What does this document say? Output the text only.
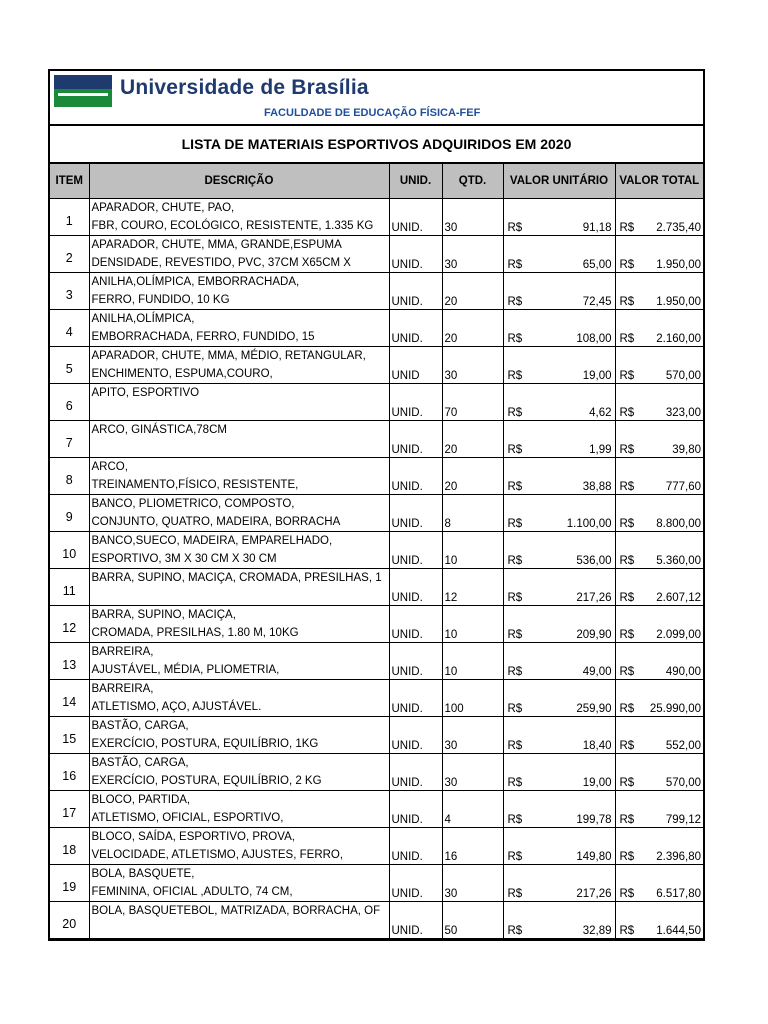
Universidade de Brasília
FACULDADE DE EDUCAÇÃO FÍSICA-FEF
LISTA DE MATERIAIS ESPORTIVOS ADQUIRIDOS EM 2020
ITEM	DESCRIÇÃO	UNID.	QTD.	VALOR UNITÁRIO	VALOR TOTAL
1	APARADOR, CHUTE, PAO,
FBR, COURO, ECOLÓGICO, RESISTENTE, 1.335 KG	UNID.	30	R$ 91,18	R$ 2.735,40

2	APARADOR, CHUTE, MMA, GRANDE,ESPUMA
DENSIDADE, REVESTIDO, PVC, 37CM X65CM X	UNID.	30	R$ 65,00	R$ 1.950,00

3	ANILHA,OLÍMPICA, EMBORRACHADA,
FERRO, FUNDIDO, 10 KG	UNID.	20	R$ 72,45	R$ 1.950,00

4	ANILHA,OLÍMPICA,
EMBORRACHADA, FERRO, FUNDIDO, 15	UNID.	20	R$ 108,00	R$ 2.160,00

5	APARADOR, CHUTE, MMA, MÉDIO, RETANGULAR,
ENCHIMENTO, ESPUMA,COURO,	UNID	30	R$ 19,00	R$ 570,00

6	APITO, ESPORTIVO	UNID.	70	R$ 4,62	R$ 323,00

7	ARCO, GINÁSTICA,78CM	UNID.	20	R$ 1,99	R$ 39,80

8	ARCO,
TREINAMENTO,FÍSICO, RESISTENTE,	UNID.	20	R$ 38,88	R$ 777,60

9	BANCO, PLIOMETRICO, COMPOSTO,
CONJUNTO, QUATRO, MADEIRA, BORRACHA	UNID.	8	R$ 1.100,00	R$ 8.800,00

10	BANCO,SUECO, MADEIRA, EMPARELHADO,
ESPORTIVO, 3M X 30 CM X 30 CM	UNID.	10	R$ 536,00	R$ 5.360,00

11	BARRA, SUPINO, MACIÇA, CROMADA, PRESILHAS, 1	UNID.	12	R$ 217,26	R$ 2.607,12

12	BARRA, SUPINO, MACIÇA,
CROMADA, PRESILHAS, 1.80 M, 10KG	UNID.	10	R$ 209,90	R$ 2.099,00

13	BARREIRA,
AJUSTÁVEL, MÉDIA, PLIOMETRIA,	UNID.	10	R$ 49,00	R$ 490,00

14	BARREIRA,
ATLETISMO, AÇO, AJUSTÁVEL.	UNID.	100	R$ 259,90	R$ 25.990,00

15	BASTÃO, CARGA,
EXERCÍCIO, POSTURA, EQUILÍBRIO, 1KG	UNID.	30	R$ 18,40	R$ 552,00

16	BASTÃO, CARGA,
EXERCÍCIO, POSTURA, EQUILÍBRIO, 2 KG	UNID.	30	R$ 19,00	R$ 570,00

17	BLOCO, PARTIDA,
ATLETISMO, OFICIAL, ESPORTIVO,	UNID.	4	R$ 199,78	R$ 799,12

18	BLOCO, SAÍDA, ESPORTIVO, PROVA,
VELOCIDADE, ATLETISMO, AJUSTES, FERRO,	UNID.	16	R$ 149,80	R$ 2.396,80

19	BOLA, BASQUETE,
FEMININA, OFICIAL ,ADULTO, 74 CM,	UNID.	30	R$ 217,26	R$ 6.517,80

20	BOLA, BASQUETEBOL, MATRIZADA, BORRACHA, OF	UNID.	50	R$ 32,89	R$ 1.644,50
